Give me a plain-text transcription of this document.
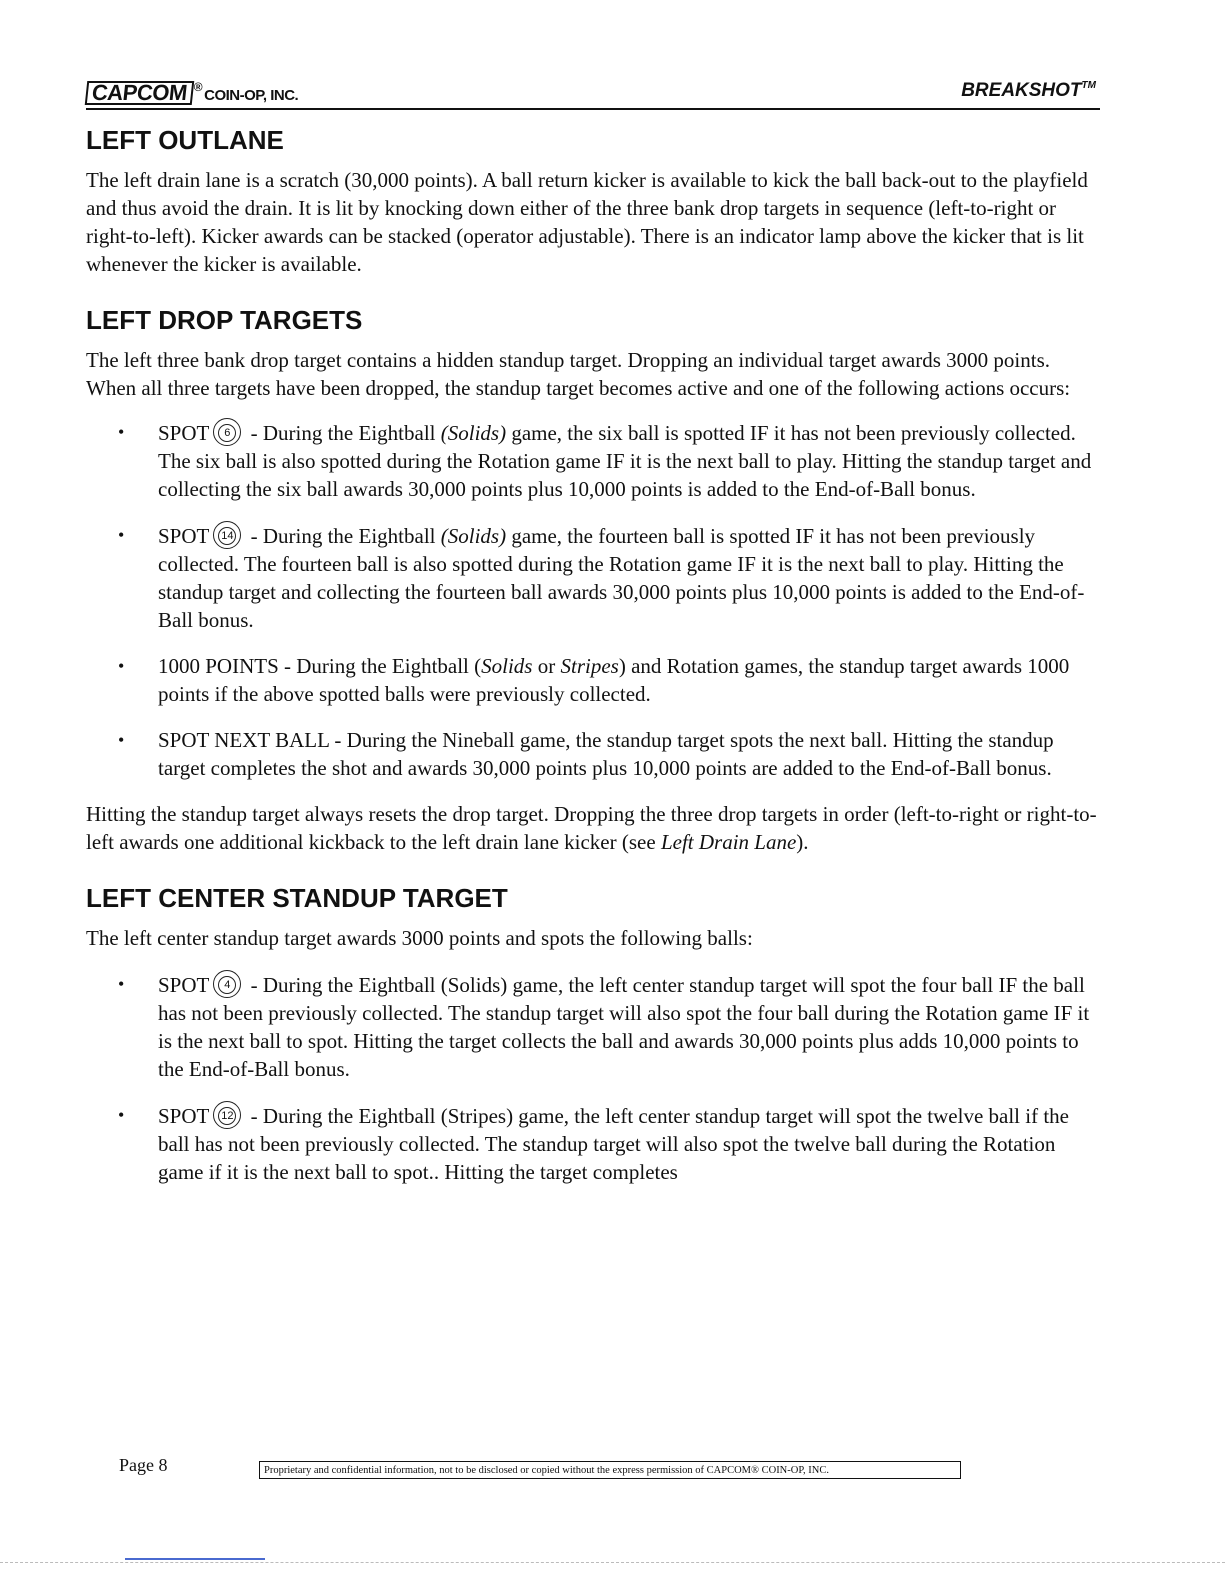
CAPCOM ® COIN-OP, INC.	BREAKSHOT™
LEFT OUTLANE

The left drain lane is a scratch (30,000 points). A ball return kicker is available to kick the ball back-out to the playfield and thus avoid the drain. It is lit by knocking down either of the three bank drop targets in sequence (left-to-right or right-to-left). Kicker awards can be stacked (operator adjustable). There is an indicator lamp above the kicker that is lit whenever the kicker is available.

LEFT DROP TARGETS

The left three bank drop target contains a hidden standup target. Dropping an individual target awards 3000 points. When all three targets have been dropped, the standup target becomes active and one of the following actions occurs:

• SPOT 6 - During the Eightball (Solids) game, the six ball is spotted IF it has not been previously collected. The six ball is also spotted during the Rotation game IF it is the next ball to play. Hitting the standup target and collecting the six ball awards 30,000 points plus 10,000 points is added to the End-of-Ball bonus.
• SPOT 14 - During the Eightball (Solids) game, the fourteen ball is spotted IF it has not been previously collected. The fourteen ball is also spotted during the Rotation game IF it is the next ball to play. Hitting the standup target and collecting the fourteen ball awards 30,000 points plus 10,000 points is added to the End-of-Ball bonus.
• 1000 POINTS - During the Eightball (Solids or Stripes) and Rotation games, the standup target awards 1000 points if the above spotted balls were previously collected.
• SPOT NEXT BALL - During the Nineball game, the standup target spots the next ball. Hitting the standup target completes the shot and awards 30,000 points plus 10,000 points are added to the End-of-Ball bonus.

Hitting the standup target always resets the drop target. Dropping the three drop targets in order (left-to-right or right-to-left awards one additional kickback to the left drain lane kicker (see Left Drain Lane).

LEFT CENTER STANDUP TARGET

The left center standup target awards 3000 points and spots the following balls:

• SPOT 4 - During the Eightball (Solids) game, the left center standup target will spot the four ball IF the ball has not been previously collected. The standup target will also spot the four ball during the Rotation game IF it is the next ball to spot. Hitting the target collects the ball and awards 30,000 points plus adds 10,000 points to the End-of-Ball bonus.
• SPOT 12 - During the Eightball (Stripes) game, the left center standup target will spot the twelve ball if the ball has not been previously collected. The standup target will also spot the twelve ball during the Rotation game if it is the next ball to spot.. Hitting the target completes
Page 8	Proprietary and confidential information, not to be disclosed or copied without the express permission of CAPCOM® COIN-OP, INC.
